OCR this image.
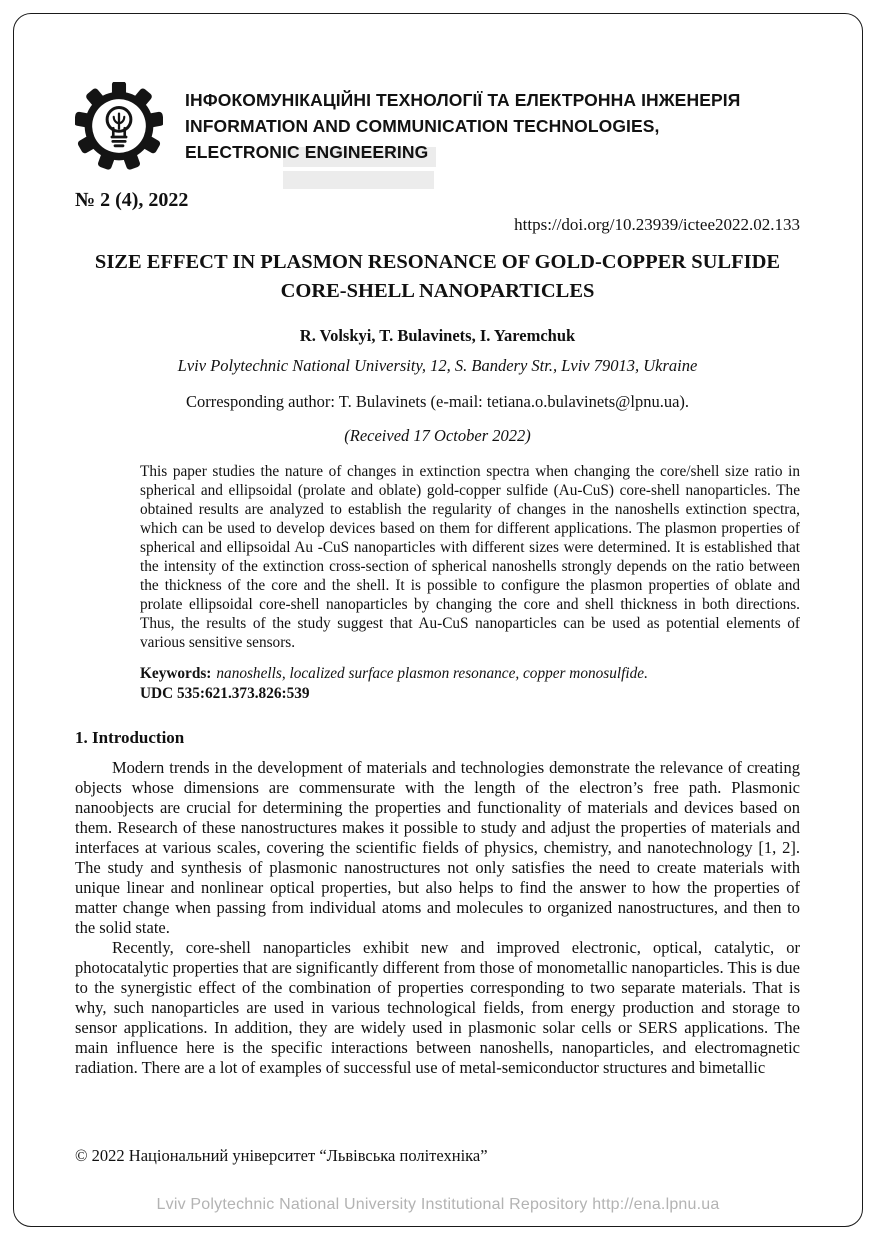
ІНФОКОМУНІКАЦІЙНІ ТЕХНОЛОГІЇ ТА ЕЛЕКТРОННА ІНЖЕНЕРІЯ
INFORMATION AND COMMUNICATION TECHNOLOGIES,
ELECTRONIC ENGINEERING
№ 2 (4), 2022
https://doi.org/10.23939/ictee2022.02.133
SIZE EFFECT IN PLASMON RESONANCE OF GOLD-COPPER SULFIDE CORE-SHELL NANOPARTICLES
R. Volskyi, T. Bulavinets, I. Yaremchuk
Lviv Polytechnic National University, 12, S. Bandery Str., Lviv 79013, Ukraine
Corresponding author: T. Bulavinets (e-mail: tetiana.o.bulavinets@lpnu.ua).
(Received 17 October 2022)

This paper studies the nature of changes in extinction spectra when changing the core/shell size ratio in spherical and ellipsoidal (prolate and oblate) gold-copper sulfide (Au-CuS) core-shell nanoparticles. The obtained results are analyzed to establish the regularity of changes in the nanoshells extinction spectra, which can be used to develop devices based on them for different applications. The plasmon properties of spherical and ellipsoidal Au -CuS nanoparticles with different sizes were determined. It is established that the intensity of the extinction cross-section of spherical nanoshells strongly depends on the ratio between the thickness of the core and the shell. It is possible to configure the plasmon properties of oblate and prolate ellipsoidal core-shell nanoparticles by changing the core and shell thickness in both directions. Thus, the results of the study suggest that Au-CuS nanoparticles can be used as potential elements of various sensitive sensors.

Keywords: nanoshells, localized surface plasmon resonance, copper monosulfide.

UDC 535:621.373.826:539
1. Introduction

Modern trends in the development of materials and technologies demonstrate the relevance of creating objects whose dimensions are commensurate with the length of the electron’s free path. Plasmonic nanoobjects are crucial for determining the properties and functionality of materials and devices based on them. Research of these nanostructures makes it possible to study and adjust the properties of materials and interfaces at various scales, covering the scientific fields of physics, chemistry, and nanotechnology [1, 2]. The study and synthesis of plasmonic nanostructures not only satisfies the need to create materials with unique linear and nonlinear optical properties, but also helps to find the answer to how the properties of matter change when passing from individual atoms and molecules to organized nanostructures, and then to the solid state.

Recently, core-shell nanoparticles exhibit new and improved electronic, optical, catalytic, or photocatalytic properties that are significantly different from those of monometallic nanoparticles. This is due to the synergistic effect of the combination of properties corresponding to two separate materials. That is why, such nanoparticles are used in various technological fields, from energy production and storage to sensor applications. In addition, they are widely used in plasmonic solar cells or SERS applications. The main influence here is the specific interactions between nanoshells, nanoparticles, and electromagnetic radiation. There are a lot of examples of successful use of metal-semiconductor structures and bimetallic

© 2022 Національний університет “Львівська політехніка”
Lviv Polytechnic National University Institutional Repository http://ena.lpnu.ua
